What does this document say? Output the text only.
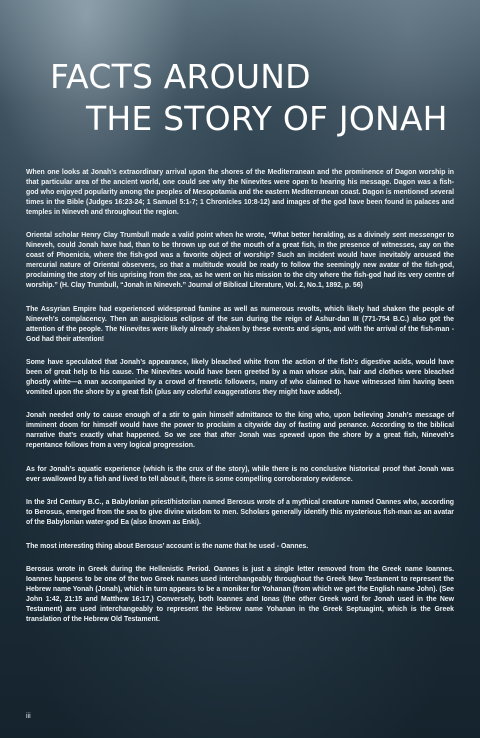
FACTS AROUND
THE STORY OF JONAH

When one looks at Jonah’s extraordinary arrival upon the shores of the Mediterranean and the prominence of Dagon worship in that particular area of the ancient world, one could see why the Ninevites were open to hearing his message. Dagon was a fish-god who enjoyed popularity among the peoples of Mesopotamia and the eastern Mediterranean coast. Dagon is mentioned several times in the Bible (Judges 16:23-24; 1 Samuel 5:1-7; 1 Chronicles 10:8-12) and images of the god have been found in palaces and temples in Nineveh and throughout the region.

Oriental scholar Henry Clay Trumbull made a valid point when he wrote, “What better heralding, as a divinely sent messenger to Nineveh, could Jonah have had, than to be thrown up out of the mouth of a great fish, in the presence of witnesses, say on the coast of Phoenicia, where the fish-god was a favorite object of worship? Such an incident would have inevitably aroused the mercurial nature of Oriental observers, so that a multitude would be ready to follow the seemingly new avatar of the fish-god, proclaiming the story of his uprising from the sea, as he went on his mission to the city where the fish-god had its very centre of worship.” (H. Clay Trumbull, “Jonah in Nineveh.” Journal of Biblical Literature, Vol. 2, No.1, 1892, p. 56)

The Assyrian Empire had experienced widespread famine as well as numerous revolts, which likely had shaken the people of Nineveh’s complacency. Then an auspicious eclipse of the sun during the reign of Ashur-dan III (771-754 B.C.) also got the attention of the people. The Ninevites were likely already shaken by these events and signs, and with the arrival of the fish-man - God had their attention!

Some have speculated that Jonah’s appearance, likely bleached white from the action of the fish’s digestive acids, would have been of great help to his cause. The Ninevites would have been greeted by a man whose skin, hair and clothes were bleached ghostly white—a man accompanied by a crowd of frenetic followers, many of who claimed to have witnessed him having been vomited upon the shore by a great fish (plus any colorful exaggerations they might have added).

Jonah needed only to cause enough of a stir to gain himself admittance to the king who, upon believing Jonah’s message of imminent doom for himself would have the power to proclaim a citywide day of fasting and penance. According to the biblical narrative that’s exactly what happened. So we see that after Jonah was spewed upon the shore by a great fish, Nineveh’s repentance follows from a very logical progression.

As for Jonah’s aquatic experience (which is the crux of the story), while there is no conclusive historical proof that Jonah was ever swallowed by a fish and lived to tell about it, there is some compelling corroboratory evidence.

In the 3rd Century B.C., a Babylonian priest/historian named Berosus wrote of a mythical creature named Oannes who, according to Berosus, emerged from the sea to give divine wisdom to men. Scholars generally identify this mysterious fish-man as an avatar of the Babylonian water-god Ea (also known as Enki).

The most interesting thing about Berosus’ account is the name that he used - Oannes.

Berosus wrote in Greek during the Hellenistic Period. Oannes is just a single letter removed from the Greek name Ioannes. Ioannes happens to be one of the two Greek names used interchangeably throughout the Greek New Testament to represent the Hebrew name Yonah (Jonah), which in turn appears to be a moniker for Yohanan (from which we get the English name John). (See John 1:42, 21:15 and Matthew 16:17.) Conversely, both Ioannes and Ionas (the other Greek word for Jonah used in the New Testament) are used interchangeably to represent the Hebrew name Yohanan in the Greek Septuagint, which is the Greek translation of the Hebrew Old Testament.

iii
